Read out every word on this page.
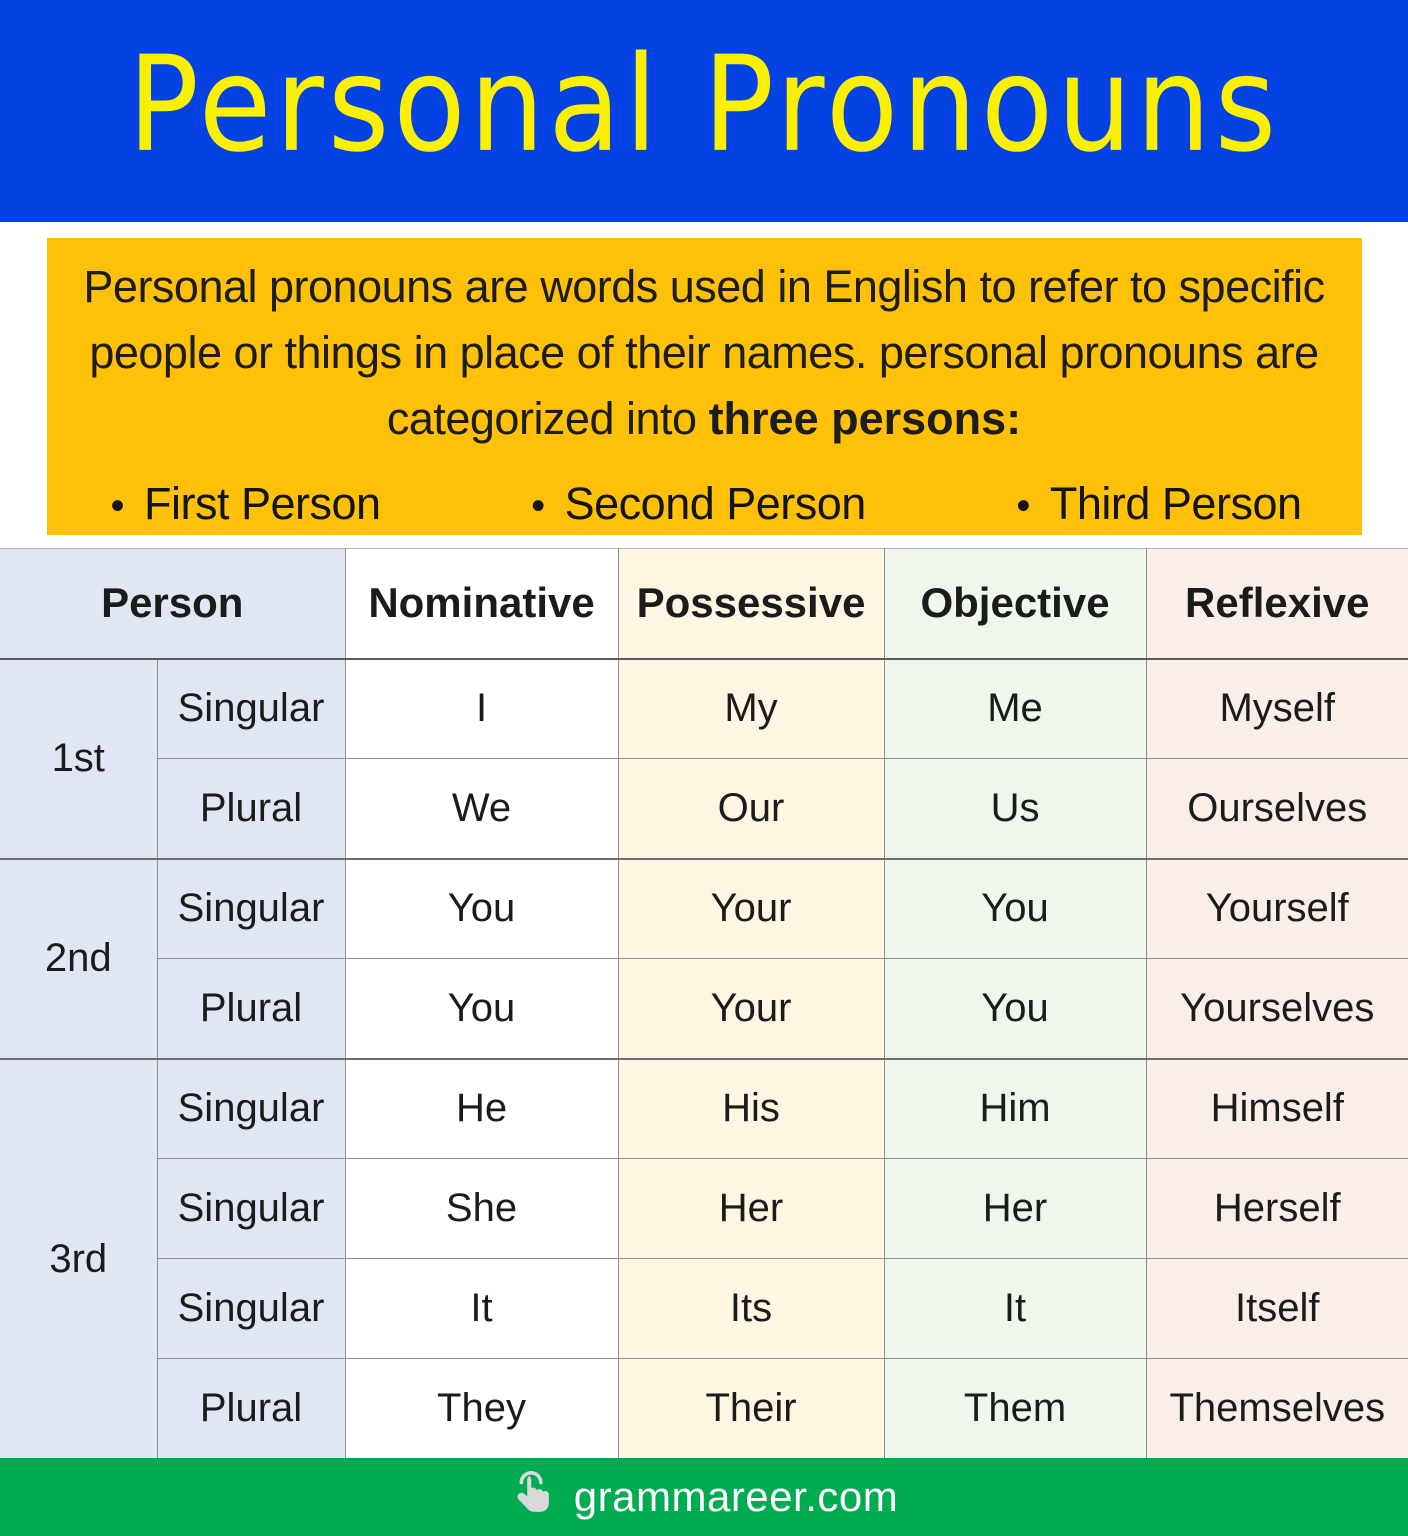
Personal Pronouns
Personal pronouns are words used in English to refer to specific people or things in place of their names. personal pronouns are categorized into three persons:
• First Person	• Second Person	• Third Person
Person		Nominative	Possessive	Objective	Reflexive
1st	Singular	I	My	Me	Myself
	Plural	We	Our	Us	Ourselves
2nd	Singular	You	Your	You	Yourself
	Plural	You	Your	You	Yourselves
3rd	Singular	He	His	Him	Himself
	Singular	She	Her	Her	Herself
	Singular	It	Its	It	Itself
	Plural	They	Their	Them	Themselves
grammareer.com
